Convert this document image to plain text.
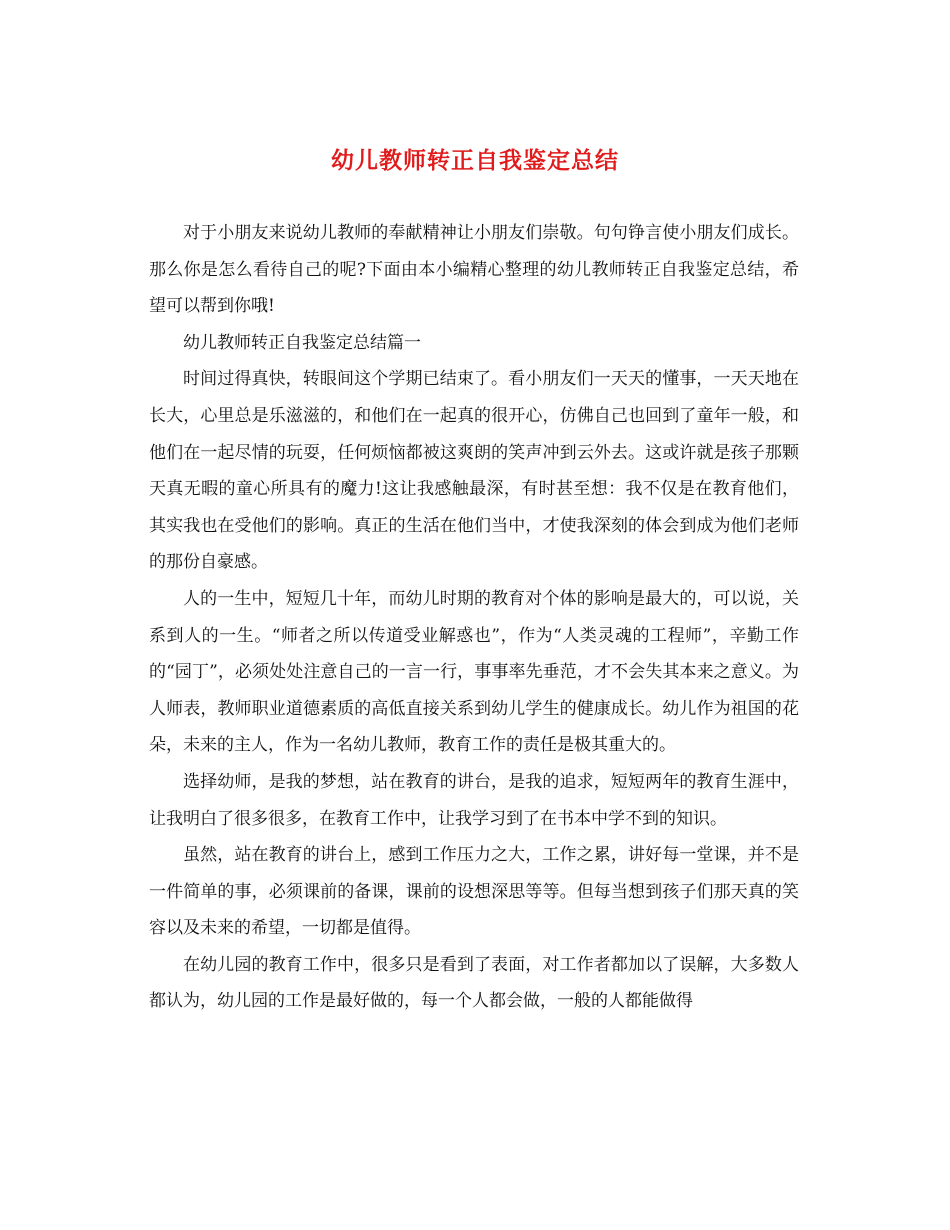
幼儿教师转正自我鉴定总结

对于小朋友来说幼儿教师的奉献精神让小朋友们崇敬。句句铮言使小朋友们成长。那么你是怎么看待自己的呢?下面由本小编精心整理的幼儿教师转正自我鉴定总结，希望可以帮到你哦!

幼儿教师转正自我鉴定总结篇一

时间过得真快，转眼间这个学期已结束了。看小朋友们一天天的懂事，一天天地在长大，心里总是乐滋滋的，和他们在一起真的很开心，仿佛自己也回到了童年一般，和他们在一起尽情的玩耍，任何烦恼都被这爽朗的笑声冲到云外去。这或许就是孩子那颗天真无暇的童心所具有的魔力!这让我感触最深，有时甚至想：我不仅是在教育他们，其实我也在受他们的影响。真正的生活在他们当中，才使我深刻的体会到成为他们老师的那份自豪感。

人的一生中，短短几十年，而幼儿时期的教育对个体的影响是最大的，可以说，关系到人的一生。“师者之所以传道受业解惑也”，作为“人类灵魂的工程师”，辛勤工作的“园丁”，必须处处注意自己的一言一行，事事率先垂范，才不会失其本来之意义。为人师表，教师职业道德素质的高低直接关系到幼儿学生的健康成长。幼儿作为祖国的花朵，未来的主人，作为一名幼儿教师，教育工作的责任是极其重大的。

选择幼师，是我的梦想，站在教育的讲台，是我的追求，短短两年的教育生涯中，让我明白了很多很多，在教育工作中，让我学习到了在书本中学不到的知识。

虽然，站在教育的讲台上，感到工作压力之大，工作之累，讲好每一堂课，并不是一件简单的事，必须课前的备课，课前的设想深思等等。但每当想到孩子们那天真的笑容以及未来的希望，一切都是值得。

在幼儿园的教育工作中，很多只是看到了表面，对工作者都加以了误解，大多数人都认为，幼儿园的工作是最好做的，每一个人都会做，一般的人都能做得
